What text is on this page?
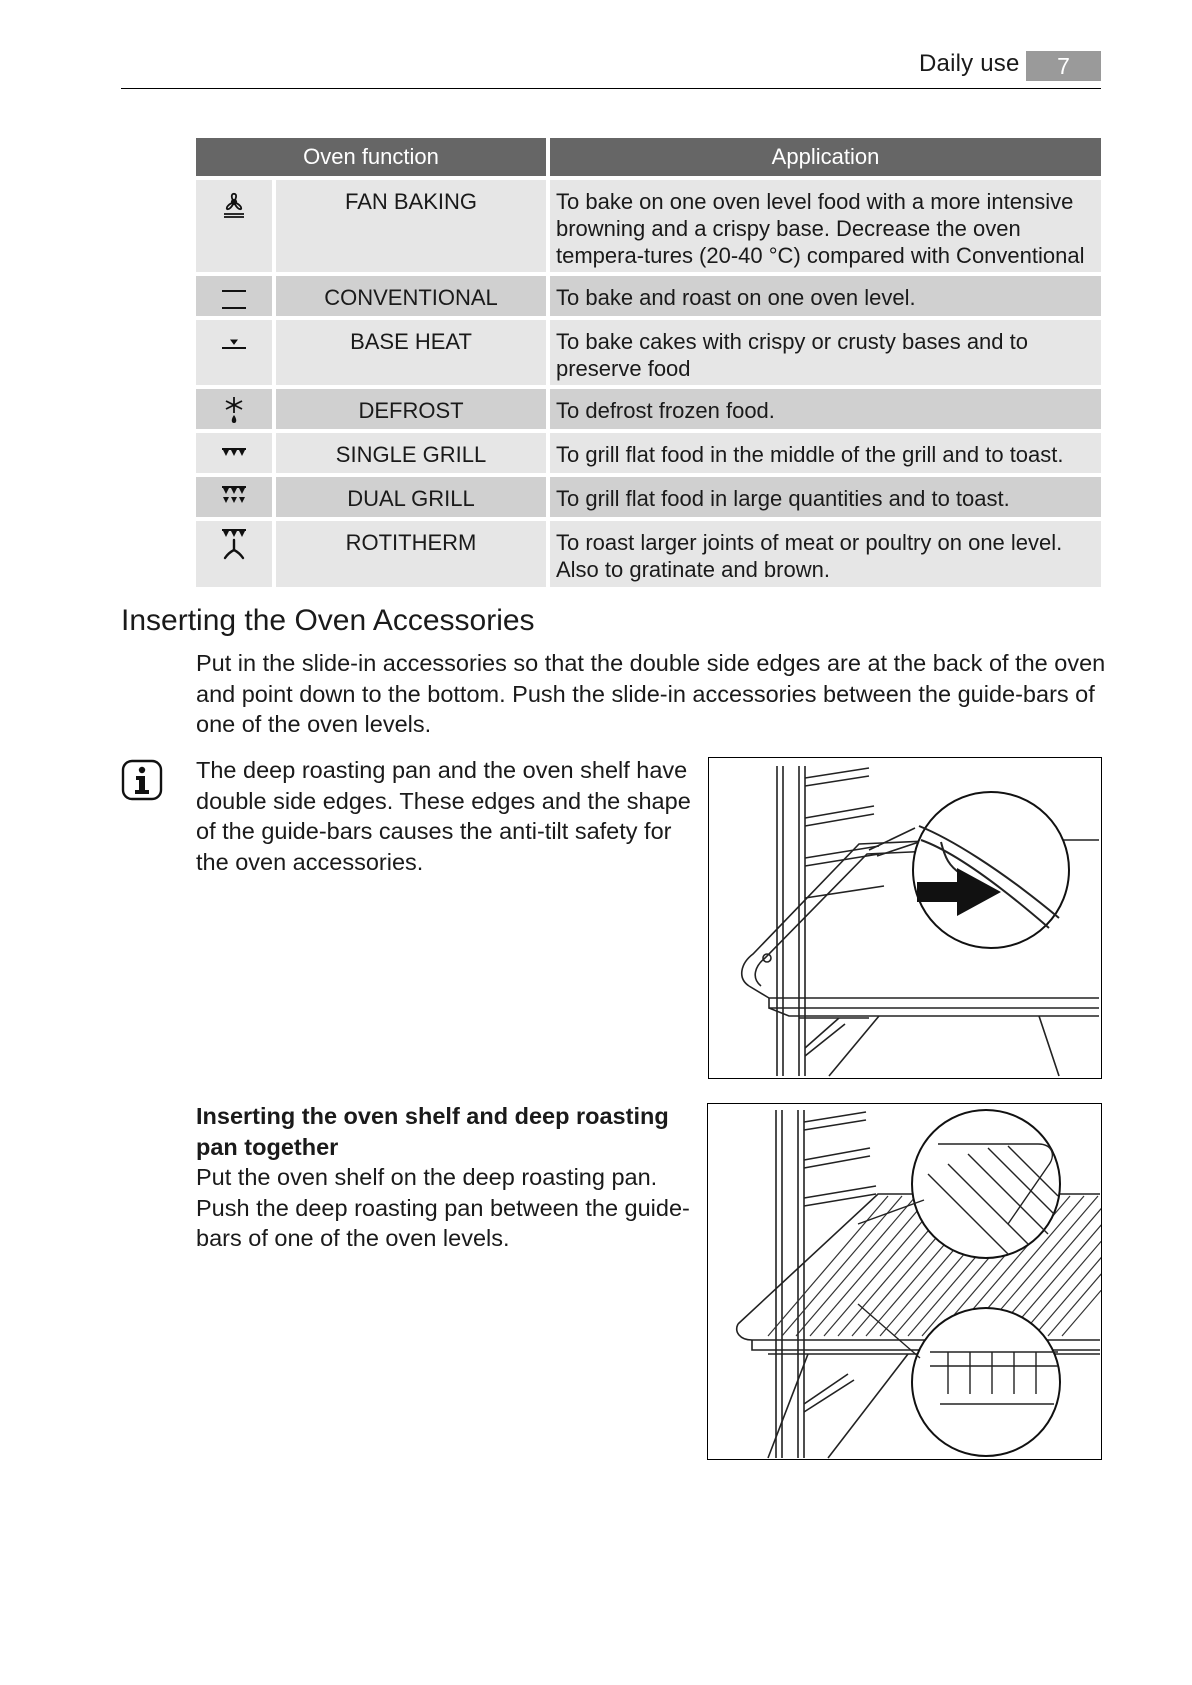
Daily use	7
Oven function	Application
FAN BAKING	To bake on one oven level food with a more intensive browning and a crispy base. Decrease the oven tempera-tures (20-40 °C) compared with Conventional
CONVENTIONAL	To bake and roast on one oven level.
BASE HEAT	To bake cakes with crispy or crusty bases and to preserve food
DEFROST	To defrost frozen food.
SINGLE GRILL	To grill flat food in the middle of the grill and to toast.
DUAL GRILL	To grill flat food in large quantities and to toast.
ROTITHERM	To roast larger joints of meat or poultry on one level. Also to gratinate and brown.
Inserting the Oven Accessories
Put in the slide-in accessories so that the double side edges are at the back of the oven and point down to the bottom. Push the slide-in accessories between the guide-bars of one of the oven levels.
The deep roasting pan and the oven shelf have double side edges. These edges and the shape of the guide-bars causes the anti-tilt safety for the oven accessories.
Inserting the oven shelf and deep roasting pan together
Put the oven shelf on the deep roasting pan. Push the deep roasting pan between the guide-bars of one of the oven levels.
